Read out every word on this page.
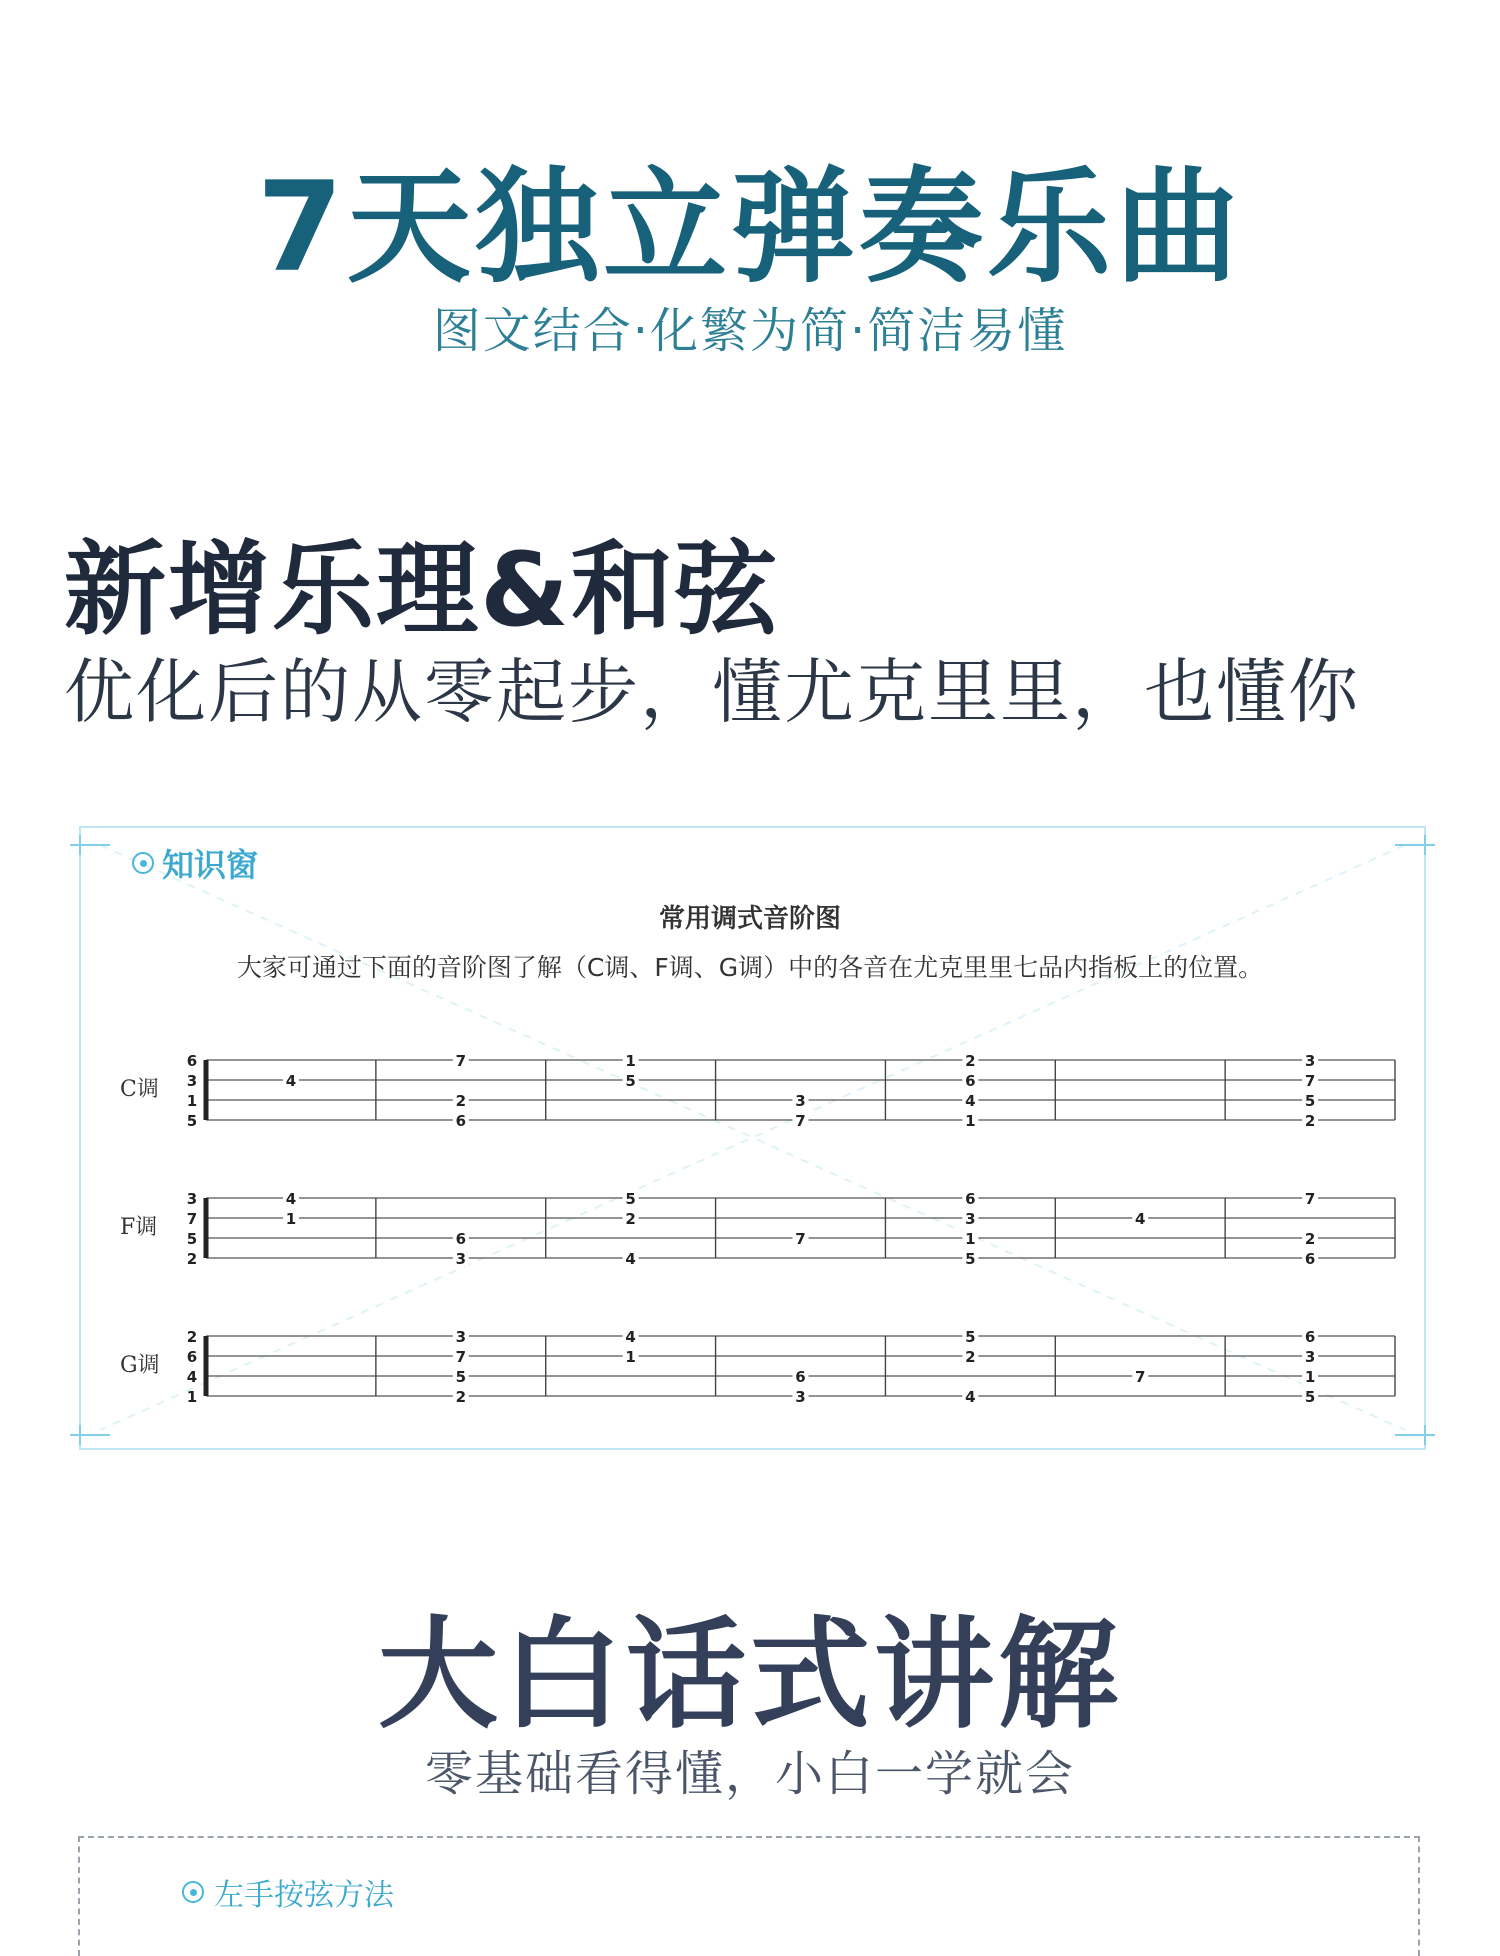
7天独立弹奏乐曲
图文结合·化繁为简·简洁易懂
新增乐理&和弦
优化后的从零起步，懂尤克里里，也懂你
知识窗
常用调式音阶图
大家可通过下面的音阶图了解（C调、F调、G调）中的各音在尤克里里七品内指板上的位置。
C调
6
3
1
5
4
7
2
6
1
5
3
7
2
6
4
1
3
7
5
2
F调
3
7
5
2
4
1
6
3
5
2
4
7
6
3
1
5
4
7
2
6
G调
2
6
4
1
3
7
5
2
4
1
6
3
5
2
4
7
6
3
1
5
大白话式讲解
零基础看得懂，小白一学就会
左手按弦方法
